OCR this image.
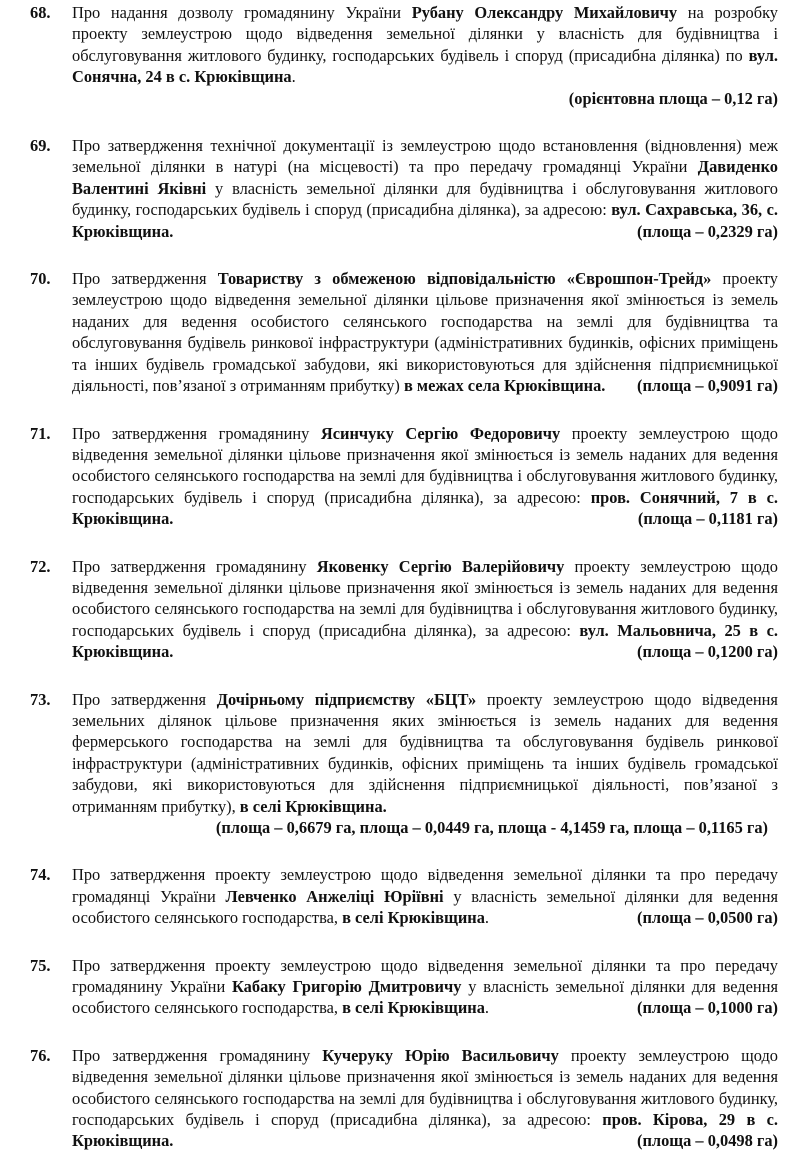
68. Про надання дозволу громадянину України Рубану Олександру Михайловичу на розробку проекту землеустрою щодо відведення земельної ділянки у власність для будівництва і обслуговування житлового будинку, господарських будівель і споруд (присадибна ділянка) по вул. Сонячна, 24 в с. Крюківщина.
(орієнтовна площа – 0,12 га)
69. Про затвердження технічної документації із землеустрою щодо встановлення (відновлення) меж земельної ділянки в натурі (на місцевості) та про передачу громадянці України Давиденко Валентині Яківні у власність земельної ділянки для будівництва і обслуговування житлового будинку, господарських будівель і споруд (присадибна ділянка), за адресою: вул. Сахравська, 36, с. Крюківщина.	(площа – 0,2329 га)
70. Про затвердження Товариству з обмеженою відповідальністю «Єврошпон-Трейд» проекту землеустрою щодо відведення земельної ділянки цільове призначення якої змінюється із земель наданих для ведення особистого селянського господарства на землі для будівництва та обслуговування будівель ринкової інфраструктури (адміністративних будинків, офісних приміщень та інших будівель громадської забудови, які використовуються для здійснення підприємницької діяльності, пов’язаної з отриманням прибутку) в межах села Крюківщина. (площа – 0,9091 га)
71. Про затвердження громадянину Ясинчуку Сергію Федоровичу проекту землеустрою щодо відведення земельної ділянки цільове призначення якої змінюється із земель наданих для ведення особистого селянського господарства на землі для будівництва і обслуговування житлового будинку, господарських будівель і споруд (присадибна ділянка), за адресою: пров. Сонячний, 7 в с. Крюківщина.	(площа – 0,1181 га)
72. Про затвердження громадянину Яковенку Сергію Валерійовичу проекту землеустрою щодо відведення земельної ділянки цільове призначення якої змінюється із земель наданих для ведення особистого селянського господарства на землі для будівництва і обслуговування житлового будинку, господарських будівель і споруд (присадибна ділянка), за адресою: вул. Мальовнича, 25 в с. Крюківщина.	(площа – 0,1200 га)
73. Про затвердження Дочірньому підприємству «БЦТ» проекту землеустрою щодо відведення земельних ділянок цільове призначення яких змінюється із земель наданих для ведення фермерського господарства на землі для будівництва та обслуговування будівель ринкової інфраструктури (адміністративних будинків, офісних приміщень та інших будівель громадської забудови, які використовуються для здійснення підприємницької діяльності, пов’язаної з отриманням прибутку), в селі Крюківщина.
(площа – 0,6679 га, площа – 0,0449 га, площа - 4,1459 га, площа – 0,1165 га)
74. Про затвердження проекту землеустрою щодо відведення земельної ділянки та про передачу громадянці України Левченко Анжеліці Юріївні у власність земельної ділянки для ведення особистого селянського господарства, в селі Крюківщина.	(площа – 0,0500 га)
75. Про затвердження проекту землеустрою щодо відведення земельної ділянки та про передачу громадянину України Кабаку Григорію Дмитровичу у власність земельної ділянки для ведення особистого селянського господарства, в селі Крюківщина.	(площа – 0,1000 га)
76. Про затвердження громадянину Кучеруку Юрію Васильовичу проекту землеустрою щодо відведення земельної ділянки цільове призначення якої змінюється із земель наданих для ведення особистого селянського господарства на землі для будівництва і обслуговування житлового будинку, господарських будівель і споруд (присадибна ділянка), за адресою: пров. Кірова, 29 в с. Крюківщина.	(площа – 0,0498 га)
